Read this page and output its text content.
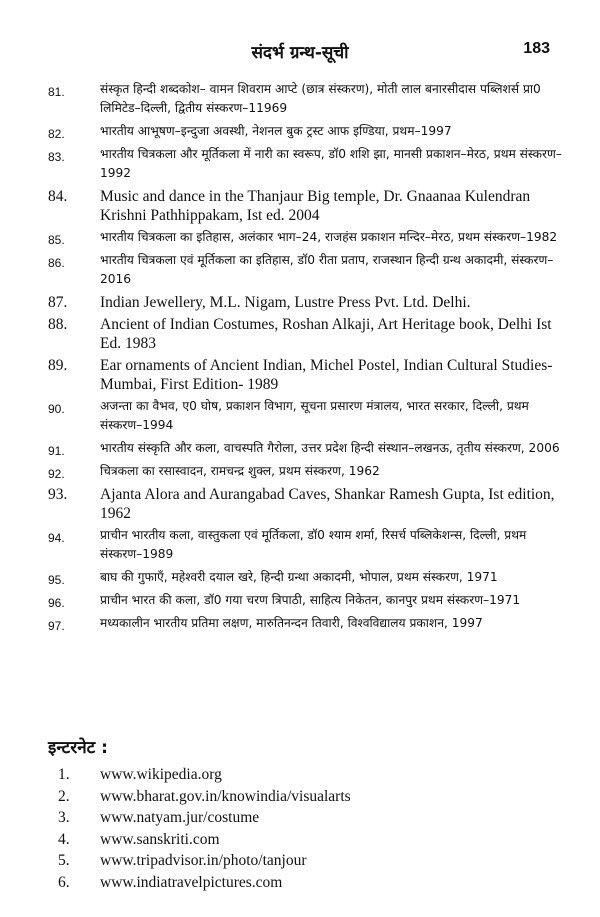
संदर्भ ग्रन्थ-सूची	183
81.	संस्कृत हिन्दी शब्दकोश– वामन शिवराम आप्टे (छात्र संस्करण), मोती लाल बनारसीदास पब्लिशर्स प्रा0 लिमिटेड–दिल्ली, द्वितीय संस्करण–11969
82.	भारतीय आभूषण–इन्दुजा अवस्थी, नेशनल बुक ट्रस्ट आफ इण्डिया, प्रथम–1997
83.	भारतीय चित्रकला और मूर्तिकला में नारी का स्वरूप, डॉ0 शशि झा, मानसी प्रकाशन–मेरठ, प्रथम संस्करण–1992
84.	Music and dance in the Thanjaur Big temple, Dr. Gnaanaa Kulendran Krishni Pathhippakam, Ist ed. 2004
85.	भारतीय चित्रकला का इतिहास, अलंकार भाग–24, राजहंस प्रकाशन मन्दिर–मेरठ, प्रथम संस्करण–1982
86.	भारतीय चित्रकला एवं मूर्तिकला का इतिहास, डॉ0 रीता प्रताप, राजस्थान हिन्दी ग्रन्थ अकादमी, संस्करण–2016
87.	Indian Jewellery, M.L. Nigam, Lustre Press Pvt. Ltd. Delhi.
88.	Ancient of Indian Costumes, Roshan Alkaji, Art Heritage book, Delhi Ist Ed. 1983
89.	Ear ornaments of Ancient Indian, Michel Postel, Indian Cultural Studies-Mumbai, First Edition- 1989
90.	अजन्ता का वैभव, ए0 घोष, प्रकाशन विभाग, सूचना प्रसारण मंत्रालय, भारत सरकार, दिल्ली, प्रथम संस्करण–1994
91.	भारतीय संस्कृति और कला, वाचस्पति गैरोला, उत्तर प्रदेश हिन्दी संस्थान–लखनऊ, तृतीय संस्करण, 2006
92.	चित्रकला का रसास्वादन, रामचन्द्र शुक्ल, प्रथम संस्करण, 1962
93.	Ajanta Alora and Aurangabad Caves, Shankar Ramesh Gupta, Ist edition, 1962
94.	प्राचीन भारतीय कला, वास्तुकला एवं मूर्तिकला, डॉ0 श्याम शर्मा, रिसर्च पब्लिकेशन्स, दिल्ली, प्रथम संस्करण–1989
95.	बाघ की गुफाएँ, महेश्वरी दयाल खरे, हिन्दी ग्रन्था अकादमी, भोपाल, प्रथम संस्करण, 1971
96.	प्राचीन भारत की कला, डॉ0 गया चरण त्रिपाठी, साहित्य निकेतन, कानपुर प्रथम संस्करण–1971
97.	मध्यकालीन भारतीय प्रतिमा लक्षण, मारुतिनन्दन तिवारी, विश्वविद्यालय प्रकाशन, 1997
इन्टरनेट :
1. www.wikipedia.org
2. www.bharat.gov.in/knowindia/visualarts
3. www.natyam.jur/costume
4. www.sanskriti.com
5. www.tripadvisor.in/photo/tanjour
6. www.indiatravelpictures.com
